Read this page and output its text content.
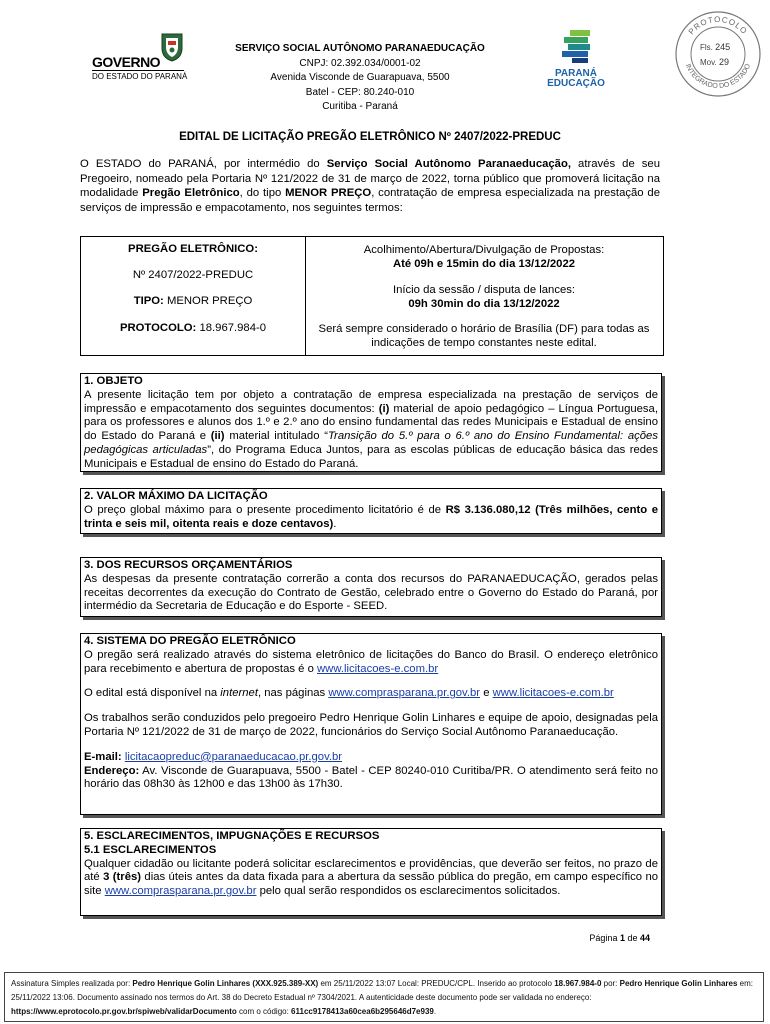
GOVERNO
DO ESTADO DO PARANÁ
SERVIÇO SOCIAL AUTÔNOMO PARANAEDUCAÇÃO
CNPJ: 02.392.034/0001-02
Avenida Visconde de Guarapuava, 5500
Batel - CEP: 80.240-010
Curitiba - Paraná
PARANÁ
EDUCAÇÃO
PROTOCOLO
INTEGRADO DO ESTADO
Fls. 245
Mov. 29
EDITAL DE LICITAÇÃO PREGÃO ELETRÔNICO Nº 2407/2022-PREDUC

O ESTADO do PARANÁ, por intermédio do Serviço Social Autônomo Paranaeducação, através de seu Pregoeiro, nomeado pela Portaria Nº 121/2022 de 31 de março de 2022, torna público que promoverá licitação na modalidade Pregão Eletrônico, do tipo MENOR PREÇO, contratação de empresa especializada na prestação de serviços de impressão e empacotamento, nos seguintes termos:

PREGÃO ELETRÔNICO:
Nº 2407/2022-PREDUC
TIPO: MENOR PREÇO
PROTOCOLO: 18.967.984-0
Acolhimento/Abertura/Divulgação de Propostas:
Até 09h e 15min do dia 13/12/2022
Início da sessão / disputa de lances:
09h 30min do dia 13/12/2022
Será sempre considerado o horário de Brasília (DF) para todas as indicações de tempo constantes neste edital.
1. OBJETO

A presente licitação tem por objeto a contratação de empresa especializada na prestação de serviços de impressão e empacotamento dos seguintes documentos: (i) material de apoio pedagógico – Língua Portuguesa, para os professores e alunos dos 1.º e 2.º ano do ensino fundamental das redes Municipais e Estadual de ensino do Estado do Paraná e (ii) material intitulado “Transição do 5.º para o 6.º ano do Ensino Fundamental: ações pedagógicas articuladas”, do Programa Educa Juntos, para as escolas públicas de educação básica das redes Municipais e Estadual de ensino do Estado do Paraná.

2. VALOR MÁXIMO DA LICITAÇÃO

O preço global máximo para o presente procedimento licitatório é de R$ 3.136.080,12 (Três milhões, cento e trinta e seis mil, oitenta reais e doze centavos).

3. DOS RECURSOS ORÇAMENTÁRIOS

As despesas da presente contratação correrão a conta dos recursos do PARANAEDUCAÇÃO, gerados pelas receitas decorrentes da execução do Contrato de Gestão, celebrado entre o Governo do Estado do Paraná, por intermédio da Secretaria de Educação e do Esporte - SEED.

4. SISTEMA DO PREGÃO ELETRÔNICO

O pregão será realizado através do sistema eletrônico de licitações do Banco do Brasil. O endereço eletrônico para recebimento e abertura de propostas é o www.licitacoes-e.com.br

O edital está disponível na internet, nas páginas www.comprasparana.pr.gov.br e www.licitacoes-e.com.br

Os trabalhos serão conduzidos pelo pregoeiro Pedro Henrique Golin Linhares e equipe de apoio, designadas pela Portaria Nº 121/2022 de 31 de março de 2022, funcionários do Serviço Social Autônomo Paranaeducação.

E-mail: licitacaopreduc@paranaeducacao.pr.gov.br

Endereço: Av. Visconde de Guarapuava, 5500 - Batel - CEP 80240-010 Curitiba/PR. O atendimento será feito no horário das 08h30 às 12h00 e das 13h00 às 17h30.

5. ESCLARECIMENTOS, IMPUGNAÇÕES E RECURSOS
5.1 ESCLARECIMENTOS

Qualquer cidadão ou licitante poderá solicitar esclarecimentos e providências, que deverão ser feitos, no prazo de até 3 (três) dias úteis antes da data fixada para a abertura da sessão pública do pregão, em campo específico no site www.comprasparana.pr.gov.br pelo qual serão respondidos os esclarecimentos solicitados.

Página 1 de 44
Assinatura Simples realizada por: Pedro Henrique Golin Linhares (XXX.925.389-XX) em 25/11/2022 13:07 Local: PREDUC/CPL. Inserido ao protocolo 18.967.984-0 por: Pedro Henrique Golin Linhares em: 25/11/2022 13:06. Documento assinado nos termos do Art. 38 do Decreto Estadual nº 7304/2021. A autenticidade deste documento pode ser validada no endereço: https://www.eprotocolo.pr.gov.br/spiweb/validarDocumento com o código: 611cc9178413a60cea6b295646d7e939.
